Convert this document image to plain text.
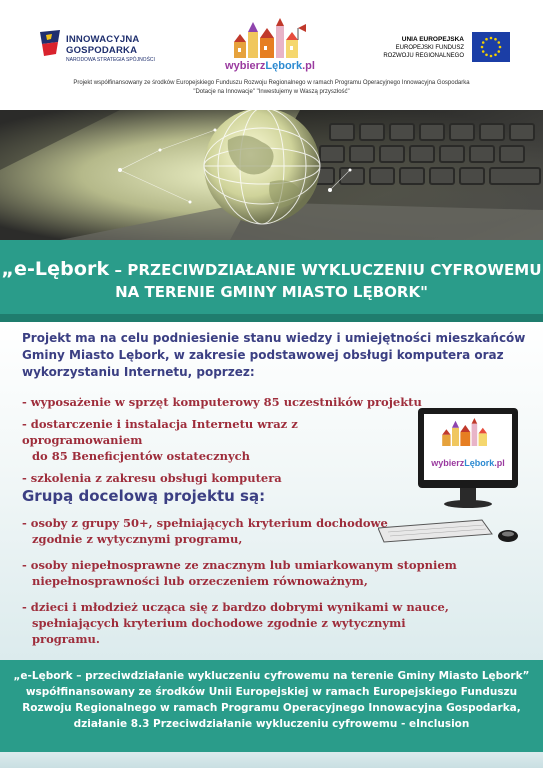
INNOWACYJNA
GOSPODARKA
NARODOWA STRATEGIA SPÓJNOŚCI	wybierzLębork.pl
UNIA EUROPEJSKA
EUROPEJSKI FUNDUSZ
ROZWOJU REGIONALNEGO
Projekt współfinansowany ze środków Europejskiego Funduszu Rozwoju Regionalnego w ramach Programu Operacyjnego Innowacyjna Gospodarka
"Dotacje na Innowacje" "Inwestujemy w Waszą przyszłość"
„e-Lębork – PRZECIWDZIAŁANIE WYKLUCZENIU CYFROWEMU
NA TERENIE GMINY MIASTO LĘBORK"
Projekt ma na celu podniesienie stanu wiedzy i umiejętności mieszkańców Gminy Miasto Lębork, w zakresie podstawowej obsługi komputera oraz wykorzystaniu Internetu, poprzez:
- wyposażenie w sprzęt komputerowy 85 uczestników projektu
- dostarczenie i instalacja Internetu wraz z oprogramowaniem
do 85 Beneficjentów ostatecznych
- szkolenia z zakresu obsługi komputera
Grupą docelową projektu są:
- osoby z grupy 50+, spełniających kryterium dochodowe
zgodnie z wytycznymi programu,
- osoby niepełnosprawne ze znacznym lub umiarkowanym stopniem
niepełnosprawności lub orzeczeniem równoważnym,
- dzieci i młodzież ucząca się z bardzo dobrymi wynikami w nauce,
spełniających kryterium dochodowe zgodnie z wytycznymi programu.
wybierzLębork.pl
„e-Lębork – przeciwdziałanie wykluczeniu cyfrowemu na terenie Gminy Miasto Lębork”
współfinansowany ze środków Unii Europejskiej w ramach Europejskiego Funduszu
Rozwoju Regionalnego w ramach Programu Operacyjnego Innowacyjna Gospodarka,
działanie 8.3 Przeciwdziałanie wykluczeniu cyfrowemu - eInclusion
